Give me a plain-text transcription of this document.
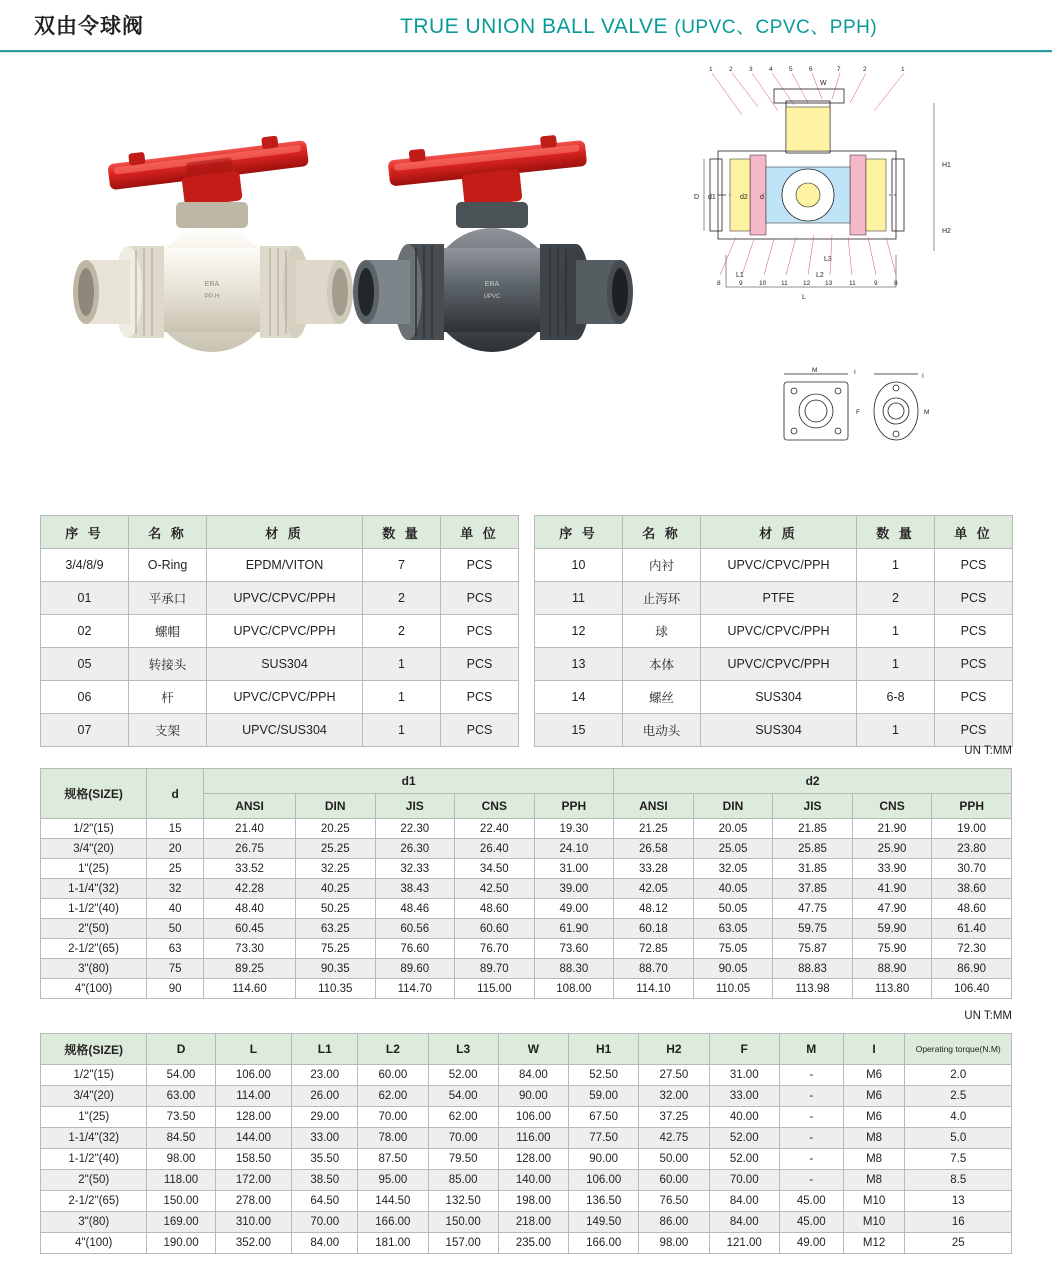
双由令球阀	TRUE UNION BALL VALVE (UPVC、CPVC、PPH)
ERA
PP-H
ERA
UPVC
1	2	3	4	5	6	7	2	1
W
H1
H2
D d1	d2 d
L1	L2
L3
L
8	9	10 11 12 13	11	9	8
M	I
F
I
M
序 号	名 称	材 质	数 量	单 位
3/4/8/9	O-Ring	EPDM/VITON	7	PCS
01	平承口	UPVC/CPVC/PPH	2	PCS
02	螺帽	UPVC/CPVC/PPH	2	PCS
05	转接头	SUS304	1	PCS
06	杆	UPVC/CPVC/PPH	1	PCS
07	支架	UPVC/SUS304	1	PCS
序 号	名 称	材 质	数 量	单 位
10	内衬	UPVC/CPVC/PPH	1	PCS
11	止泻环	PTFE	2	PCS
12	球	UPVC/CPVC/PPH	1	PCS
13	本体	UPVC/CPVC/PPH	1	PCS
14	螺丝	SUS304	6-8	PCS
15	电动头	SUS304	1	PCS
UN T:MM
规格(SIZE)	d	d1					d2				
		ANSI	DIN	JIS	CNS	PPH	ANSI	DIN	JIS	CNS	PPH
1/2"(15)	15	21.40	20.25	22.30	22.40	19.30	21.25	20.05	21.85	21.90	19.00
3/4"(20)	20	26.75	25.25	26.30	26.40	24.10	26.58	25.05	25.85	25.90	23.80
1"(25)	25	33.52	32.25	32.33	34.50	31.00	33.28	32.05	31.85	33.90	30.70
1-1/4"(32)	32	42.28	40.25	38.43	42.50	39.00	42.05	40.05	37.85	41.90	38.60
1-1/2"(40)	40	48.40	50.25	48.46	48.60	49.00	48.12	50.05	47.75	47.90	48.60
2"(50)	50	60.45	63.25	60.56	60.60	61.90	60.18	63.05	59.75	59.90	61.40
2-1/2"(65)	63	73.30	75.25	76.60	76.70	73.60	72.85	75.05	75.87	75.90	72.30
3"(80)	75	89.25	90.35	89.60	89.70	88.30	88.70	90.05	88.83	88.90	86.90
4"(100)	90	114.60	110.35	114.70	115.00	108.00	114.10	110.05	113.98	113.80	106.40
UN T:MM
规格(SIZE)	D	L	L1	L2	L3	W	H1	H2	F	M	I	Operating torque(N.M)
1/2"(15)	54.00	106.00	23.00	60.00	52.00	84.00	52.50	27.50	31.00	-	M6	2.0
3/4"(20)	63.00	114.00	26.00	62.00	54.00	90.00	59.00	32.00	33.00	-	M6	2.5
1"(25)	73.50	128.00	29.00	70.00	62.00	106.00	67.50	37.25	40.00	-	M6	4.0
1-1/4"(32)	84.50	144.00	33.00	78.00	70.00	116.00	77.50	42.75	52.00	-	M8	5.0
1-1/2"(40)	98.00	158.50	35.50	87.50	79.50	128.00	90.00	50.00	52.00	-	M8	7.5
2"(50)	118.00	172.00	38.50	95.00	85.00	140.00	106.00	60.00	70.00	-	M8	8.5
2-1/2"(65)	150.00	278.00	64.50	144.50	132.50	198.00	136.50	76.50	84.00	45.00	M10	13
3"(80)	169.00	310.00	70.00	166.00	150.00	218.00	149.50	86.00	84.00	45.00	M10	16
4"(100)	190.00	352.00	84.00	181.00	157.00	235.00	166.00	98.00	121.00	49.00	M12	25
